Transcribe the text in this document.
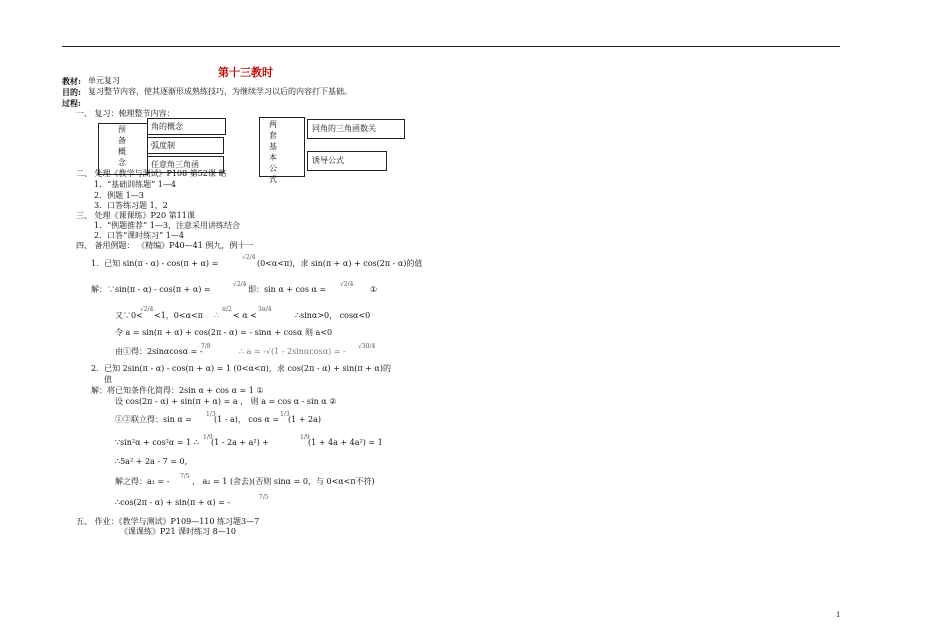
第十三教时
教材: 单元复习
目的: 复习整节内容，使其逐渐形成熟练技巧，为继续学习以后的内容打下基础。
过程:
一、 复习：梳理整节内容：
预备概念
角的概念
弧度制
任意角三角函
两套基本公式
同角的三角函数关
诱导公式
二、 处理《教学与测试》P108 第52课 略
1．“基础训练题” 1—4
2．例题 1—3
3．口答练习题 1，2
三、 处理《课课练》P20 第11课
1．“例题推荐” 1—3，注意采用讲练结合
2．口答“课时练习” 1—4
四、 备用例题： 《精编》P40—41 例九，例十一
1．已知 sin(π - α) - cos(π + α) =
√2/4
(0<α<π)，求 sin(π + α) + cos(2π - α)的值
解：∵sin(π - α) - cos(π + α) =
√2/4
即：sin α + cos α =
√2/4
①
又∵0<
√2/4
<1，0<α<π ∴
π/2
< α <
3π/4
∴sinα>0， cosα<0
令 a = sin(π + α) + cos(2π - α) = - sinα + cosα 则 a<0
由①得：2sinαcosα = -
7/8
∴ a = -√(1 - 2sinαcosα) = -
√30/4
2．已知 2sin(π - α) - cos(π + α) = 1 (0<α<π)，求 cos(2π - α) + sin(π + α)的
值
解：将已知条件化简得：2sin α + cos α = 1 ①
设 cos(2π - α) + sin(π + α) = a ， 则 a = cos α - sin α ②
①②联立得：sin α =
1/3
(1 - a)， cos α =
1/3
(1 + 2a)
∵sin²α + cos²α = 1 ∴
1/9
(1 - 2a + a²) +
1/9
(1 + 4a + 4a²) = 1
∴5a² + 2a - 7 = 0,
解之得：a₁ = -
7/5
， a₂ = 1 (舍去)(否则 sinα = 0，与 0<α<π不符)
∴cos(2π - α) + sin(π + α) = -
7/5
五、 作业：《教学与测试》P109—110 练习题3—7
《课课练》P21 课时练习 8—10
1
